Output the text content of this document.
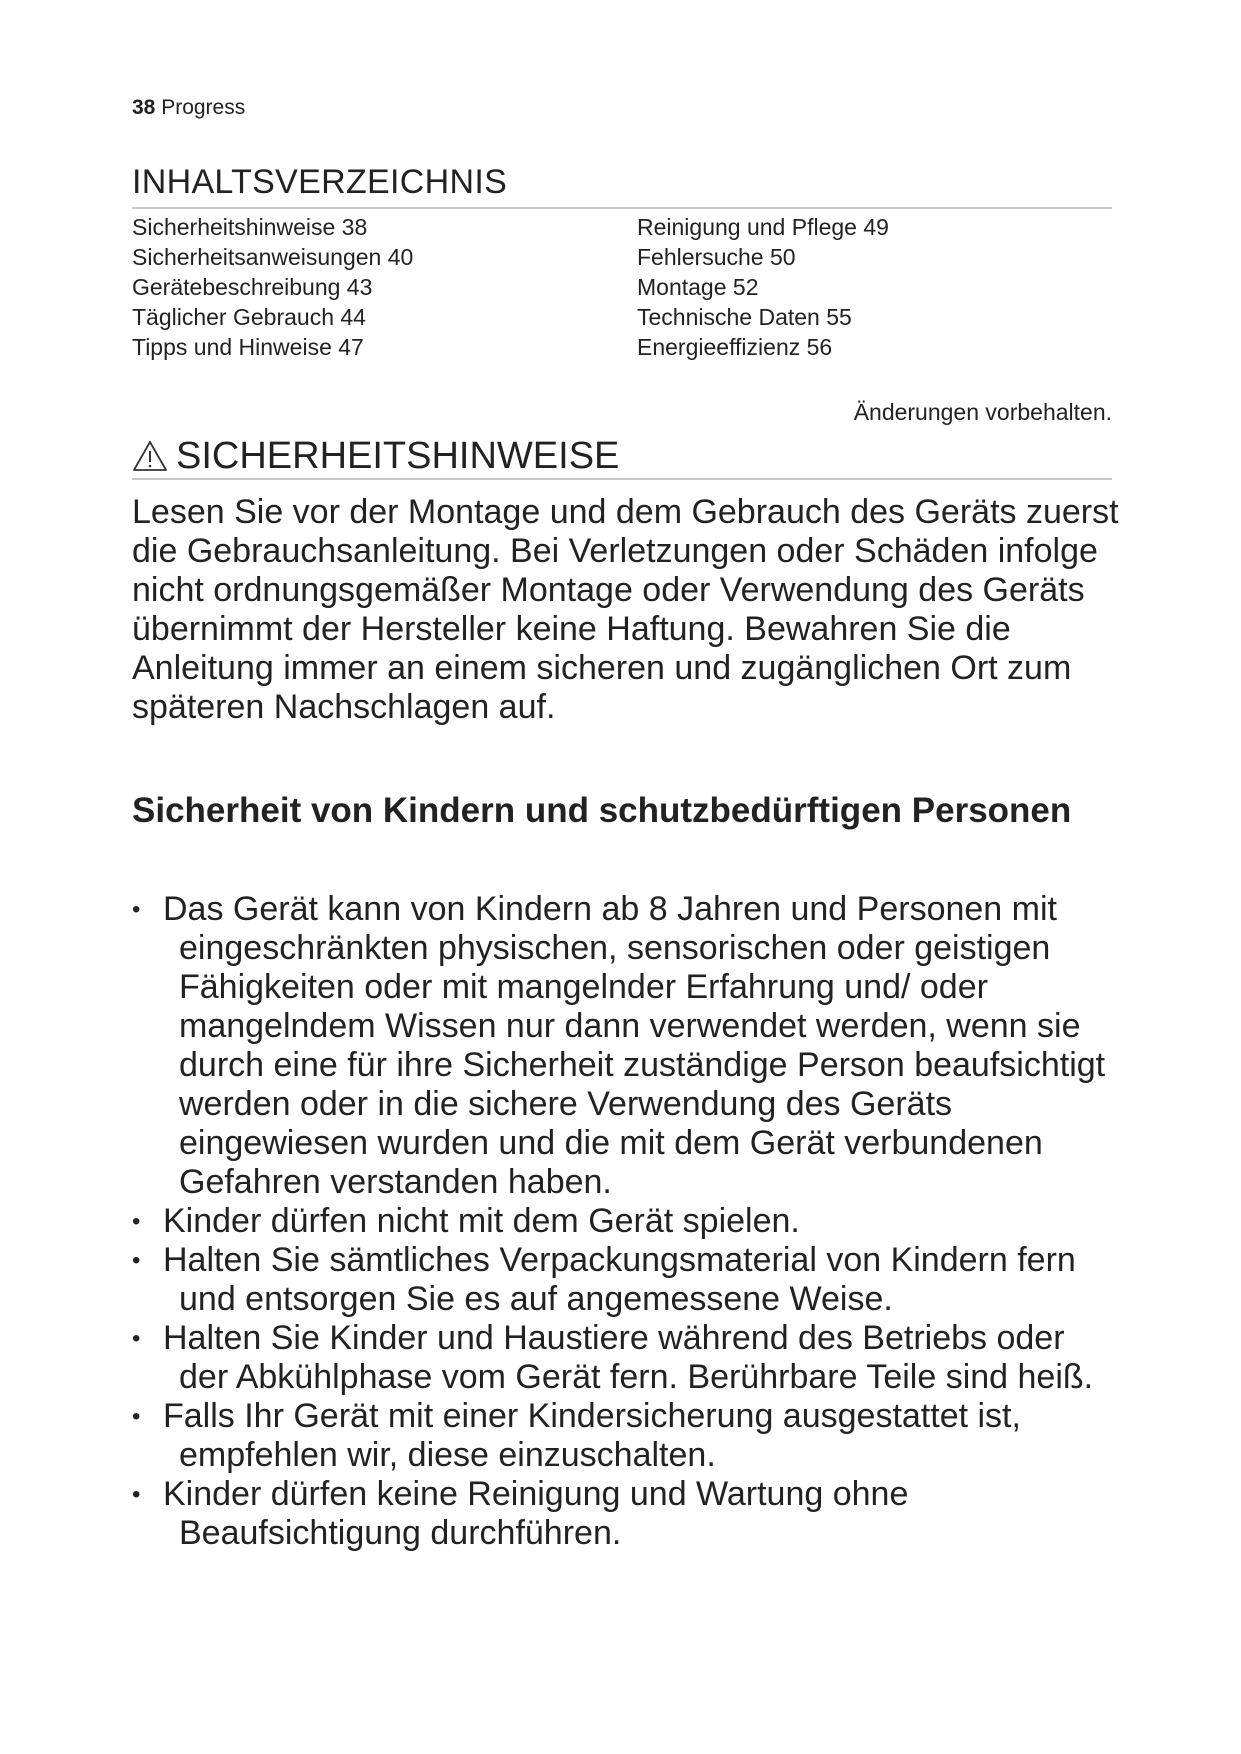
38 Progress
INHALTSVERZEICHNIS
Sicherheitshinweise 38
Sicherheitsanweisungen 40
Gerätebeschreibung 43
Täglicher Gebrauch 44
Tipps und Hinweise 47
Reinigung und Pflege 49
Fehlersuche 50
Montage 52
Technische Daten 55
Energieeffizienz 56
Änderungen vorbehalten.
SICHERHEITSHINWEISE

Lesen Sie vor der Montage und dem Gebrauch des Geräts zuerst die Gebrauchsanleitung. Bei Verletzungen oder Schäden infolge nicht ordnungsgemäßer Montage oder Verwendung des Geräts übernimmt der Hersteller keine Haftung. Bewahren Sie die Anleitung immer an einem sicheren und zugänglichen Ort zum späteren Nachschlagen auf.

Sicherheit von Kindern und schutzbedürftigen Personen
• Das Gerät kann von Kindern ab 8 Jahren und Personen mit eingeschränkten physischen, sensorischen oder geistigen Fähigkeiten oder mit mangelnder Erfahrung und/ oder mangelndem Wissen nur dann verwendet werden, wenn sie durch eine für ihre Sicherheit zuständige Person beaufsichtigt werden oder in die sichere Verwendung des Geräts eingewiesen wurden und die mit dem Gerät verbundenen Gefahren verstanden haben.
• Kinder dürfen nicht mit dem Gerät spielen.
• Halten Sie sämtliches Verpackungsmaterial von Kindern fern und entsorgen Sie es auf angemessene Weise.
• Halten Sie Kinder und Haustiere während des Betriebs oder der Abkühlphase vom Gerät fern. Berührbare Teile sind heiß.
• Falls Ihr Gerät mit einer Kindersicherung ausgestattet ist, empfehlen wir, diese einzuschalten.
• Kinder dürfen keine Reinigung und Wartung ohne Beaufsichtigung durchführen.
